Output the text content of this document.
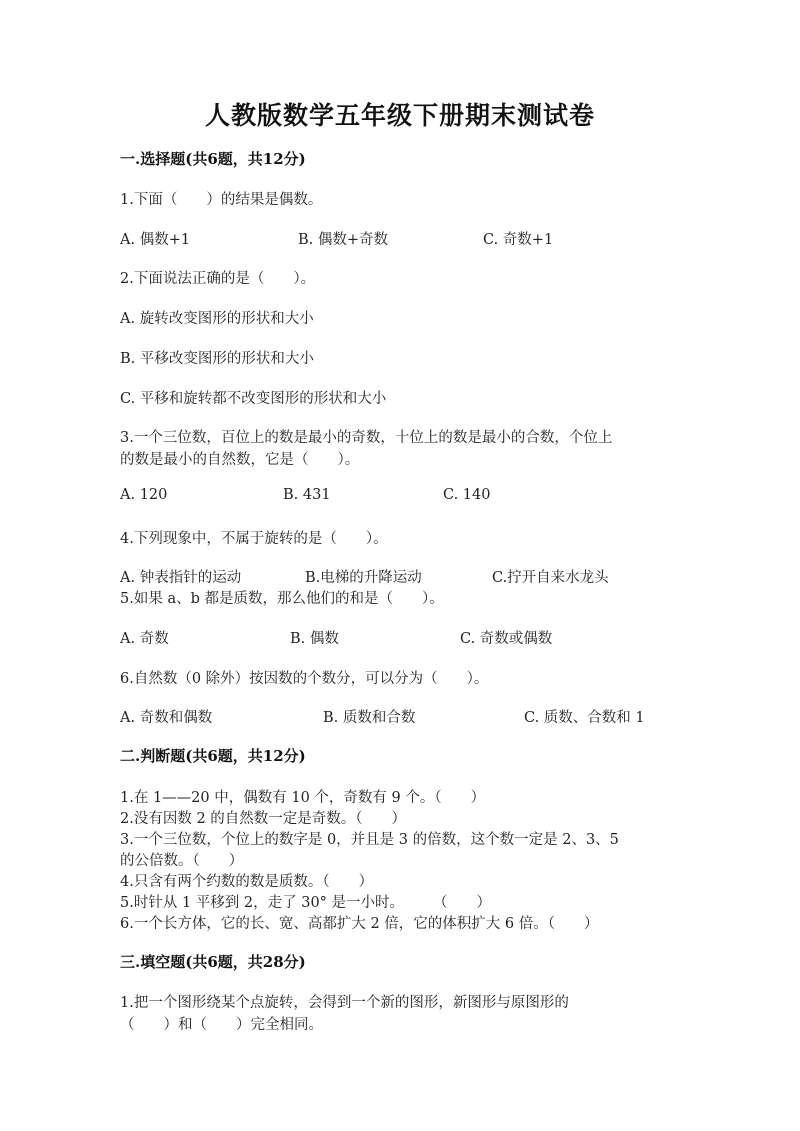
人教版数学五年级下册期末测试卷
一.选择题(共6题，共12分)
1.下面（　　）的结果是偶数。
A. 偶数+1	B. 偶数+奇数	C. 奇数+1
2.下面说法正确的是（　　）。
A. 旋转改变图形的形状和大小
B. 平移改变图形的形状和大小
C. 平移和旋转都不改变图形的形状和大小
3.一个三位数，百位上的数是最小的奇数，十位上的数是最小的合数，个位上
的数是最小的自然数，它是（　　）。
A. 120	B. 431	C. 140
4.下列现象中，不属于旋转的是（　　）。
A. 钟表指针的运动	B.电梯的升降运动	C.拧开自来水龙头
5.如果 a、b 都是质数，那么他们的和是（　　）。
A. 奇数	B. 偶数	C. 奇数或偶数
6.自然数（0 除外）按因数的个数分，可以分为（　　）。
A. 奇数和偶数	B. 质数和合数	C. 质数、合数和 1
二.判断题(共6题，共12分)
1.在 1——20 中，偶数有 10 个，奇数有 9 个。（　　）
2.没有因数 2 的自然数一定是奇数。（　　）
3.一个三位数，个位上的数字是 0，并且是 3 的倍数，这个数一定是 2、3、5
的公倍数。（　　）
4.只含有两个约数的数是质数。（　　）
5.时针从 1 平移到 2，走了 30° 是一小时。　　　（　　）
6.一个长方体，它的长、宽、高都扩大 2 倍，它的体积扩大 6 倍。（　　）
三.填空题(共6题，共28分)
1.把一个图形绕某个点旋转，会得到一个新的图形，新图形与原图形的
（　　）和（　　）完全相同。
